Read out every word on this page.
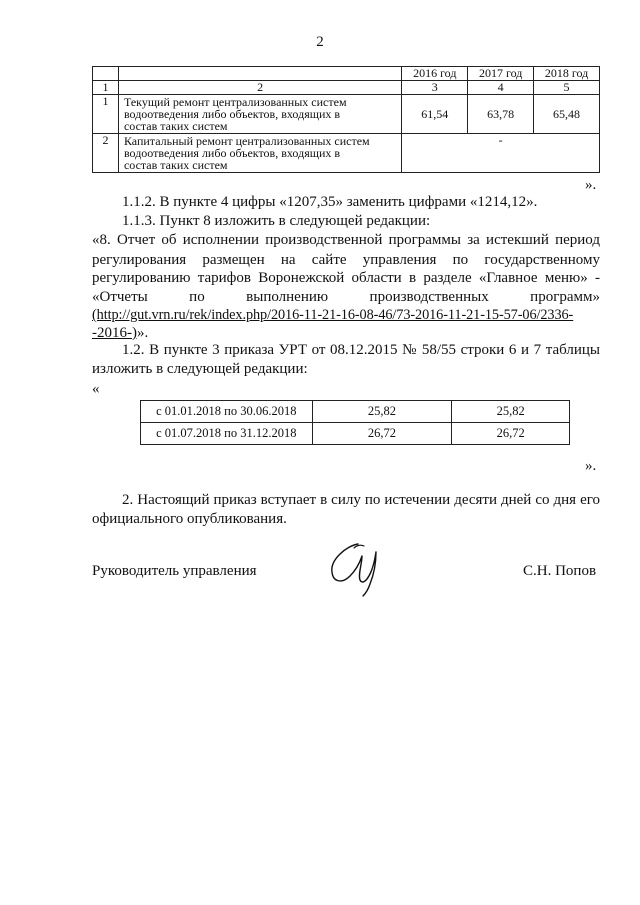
2
		2016 год	2017 год	2018 год
1	2	3	4	5
1	Текущий ремонт централизованных систем
водоотведения либо объектов, входящих в
состав таких систем	61,54	63,78	65,48
2	Капитальный ремонт централизованных систем
водоотведения либо объектов, входящих в
состав таких систем	-		
».
1.1.2. В пункте 4 цифры «1207,35» заменить цифрами «1214,12».
1.1.3. Пункт 8 изложить в следующей редакции:
«8. Отчет об исполнении производственной программы за истекший период
регулирования размещен на сайте управления по государственному
регулированию тарифов Воронежской области в разделе «Главное меню» -
«Отчеты по выполнению производственных программ»
(http://gut.vrn.ru/rek/index.php/2016-11-21-16-08-46/73-2016-11-21-15-57-06/2336-
-2016-)».
1.2. В пункте 3 приказа УРТ от 08.12.2015 № 58/55 строки 6 и 7 таблицы
изложить в следующей редакции:
«
с 01.01.2018 по 30.06.2018	25,82	25,82
с 01.07.2018 по 31.12.2018	26,72	26,72
».
2. Настоящий приказ вступает в силу по истечении десяти дней со дня его
официального опубликования.
Руководитель управления	С.Н. Попов
